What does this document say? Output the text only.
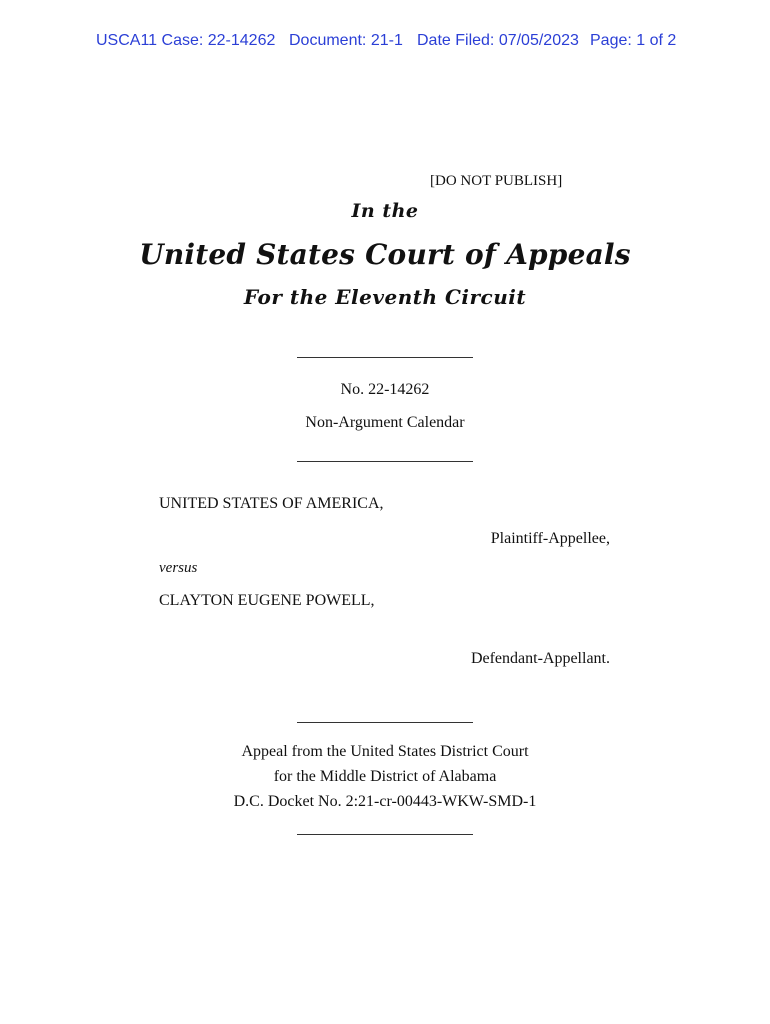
USCA11 Case: 22-14262 Document: 21-1 Date Filed: 07/05/2023 Page: 1 of 2
[DO NOT PUBLISH]
In the
United States Court of Appeals
For the Eleventh Circuit
No. 22-14262
Non-Argument Calendar
UNITED STATES OF AMERICA,
Plaintiff-Appellee,
versus
CLAYTON EUGENE POWELL,
Defendant-Appellant.
Appeal from the United States District Court
for the Middle District of Alabama
D.C. Docket No. 2:21-cr-00443-WKW-SMD-1
